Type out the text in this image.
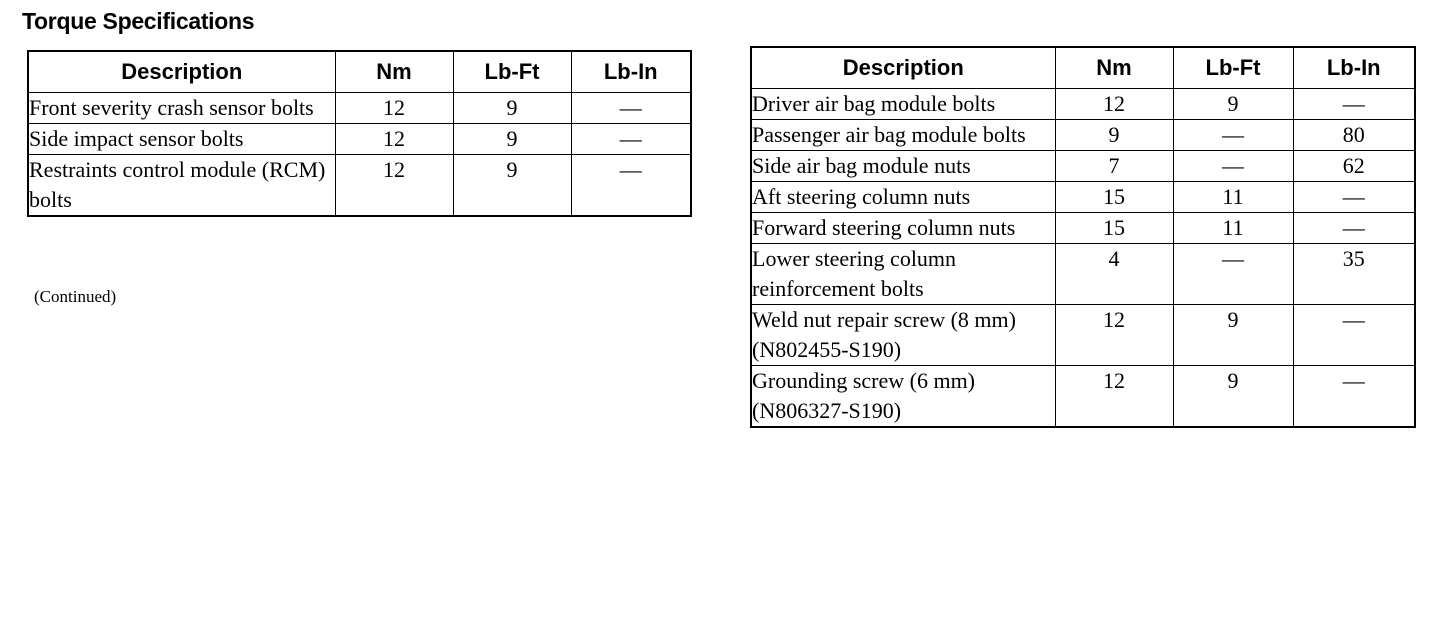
Torque Specifications
Description	Nm	Lb-Ft	Lb-In
Front severity crash sensor bolts	12	9	—
Side impact sensor bolts	12	9	—
Restraints control module (RCM) bolts	12	9	—
(Continued)
Description	Nm	Lb-Ft	Lb-In
Driver air bag module bolts	12	9	—
Passenger air bag module bolts	9	—	80
Side air bag module nuts	7	—	62
Aft steering column nuts	15	11	—
Forward steering column nuts	15	11	—
Lower steering column reinforcement bolts	4	—	35
Weld nut repair screw (8 mm) (N802455-S190)	12	9	—
Grounding screw (6 mm) (N806327-S190)	12	9	—
